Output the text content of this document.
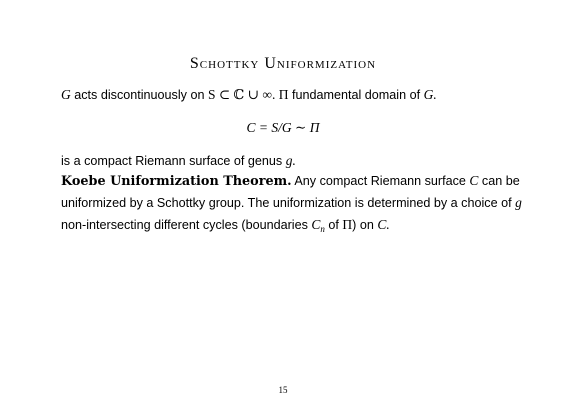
Schottky Uniformization
G acts discontinuously on S ⊂ ℂ ∪ ∞. Π fundamental domain of G.
C = S/G ∼ Π
is a compact Riemann surface of genus g.
Koebe Uniformization Theorem. Any compact Riemann surface C can be
uniformized by a Schottky group. The uniformization is determined by a choice of g
non-intersecting different cycles (boundaries $C_n$ of Π) on C.
15
